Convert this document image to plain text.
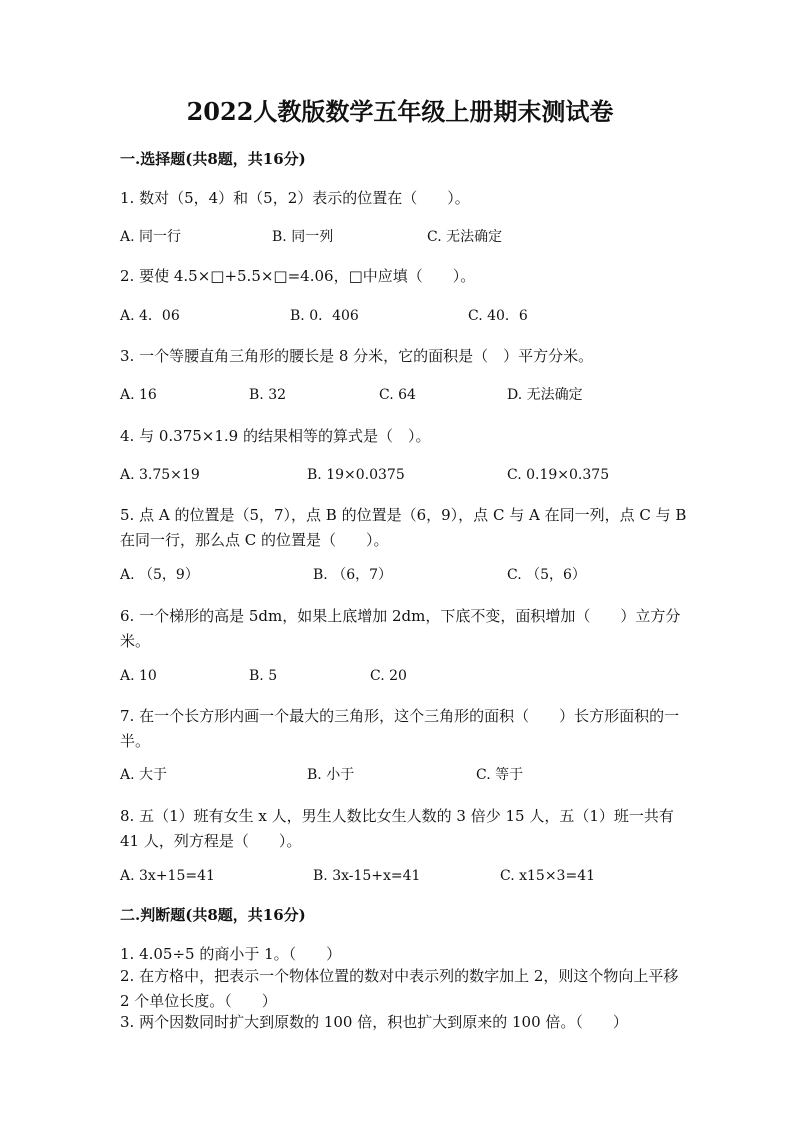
2022人教版数学五年级上册期末测试卷
一.选择题(共8题，共16分)
1. 数对（5，4）和（5，2）表示的位置在（　　）。
A. 同一行	B. 同一列	C. 无法确定
2. 要使 4.5×□+5.5×□=4.06，□中应填（　　）。
A. 4．06	B. 0．406	C. 40．6
3. 一个等腰直角三角形的腰长是 8 分米，它的面积是（　）平方分米。
A. 16	B. 32	C. 64	D. 无法确定
4. 与 0.375×1.9 的结果相等的算式是（　）。
A. 3.75×19	B. 19×0.0375	C. 0.19×0.375
5. 点 A 的位置是（5，7），点 B 的位置是（6，9），点 C 与 A 在同一列，点 C 与 B 在同一行，那么点 C 的位置是（　　）。
A. （5，9）	B. （6，7）	C. （5，6）
6. 一个梯形的高是 5dm，如果上底增加 2dm，下底不变，面积增加（　　）立方分米。
A. 10	B. 5	C. 20
7. 在一个长方形内画一个最大的三角形，这个三角形的面积（　　）长方形面积的一半。
A. 大于	B. 小于	C. 等于
8. 五（1）班有女生 x 人，男生人数比女生人数的 3 倍少 15 人，五（1）班一共有 41 人，列方程是（　　）。
A. 3x+15=41	B. 3x-15+x=41	C. x15×3=41
二.判断题(共8题，共16分)
1. 4.05÷5 的商小于 1。（　　）
2. 在方格中，把表示一个物体位置的数对中表示列的数字加上 2，则这个物向上平移 2 个单位长度。（　　）
3. 两个因数同时扩大到原数的 100 倍，积也扩大到原来的 100 倍。（　　）
